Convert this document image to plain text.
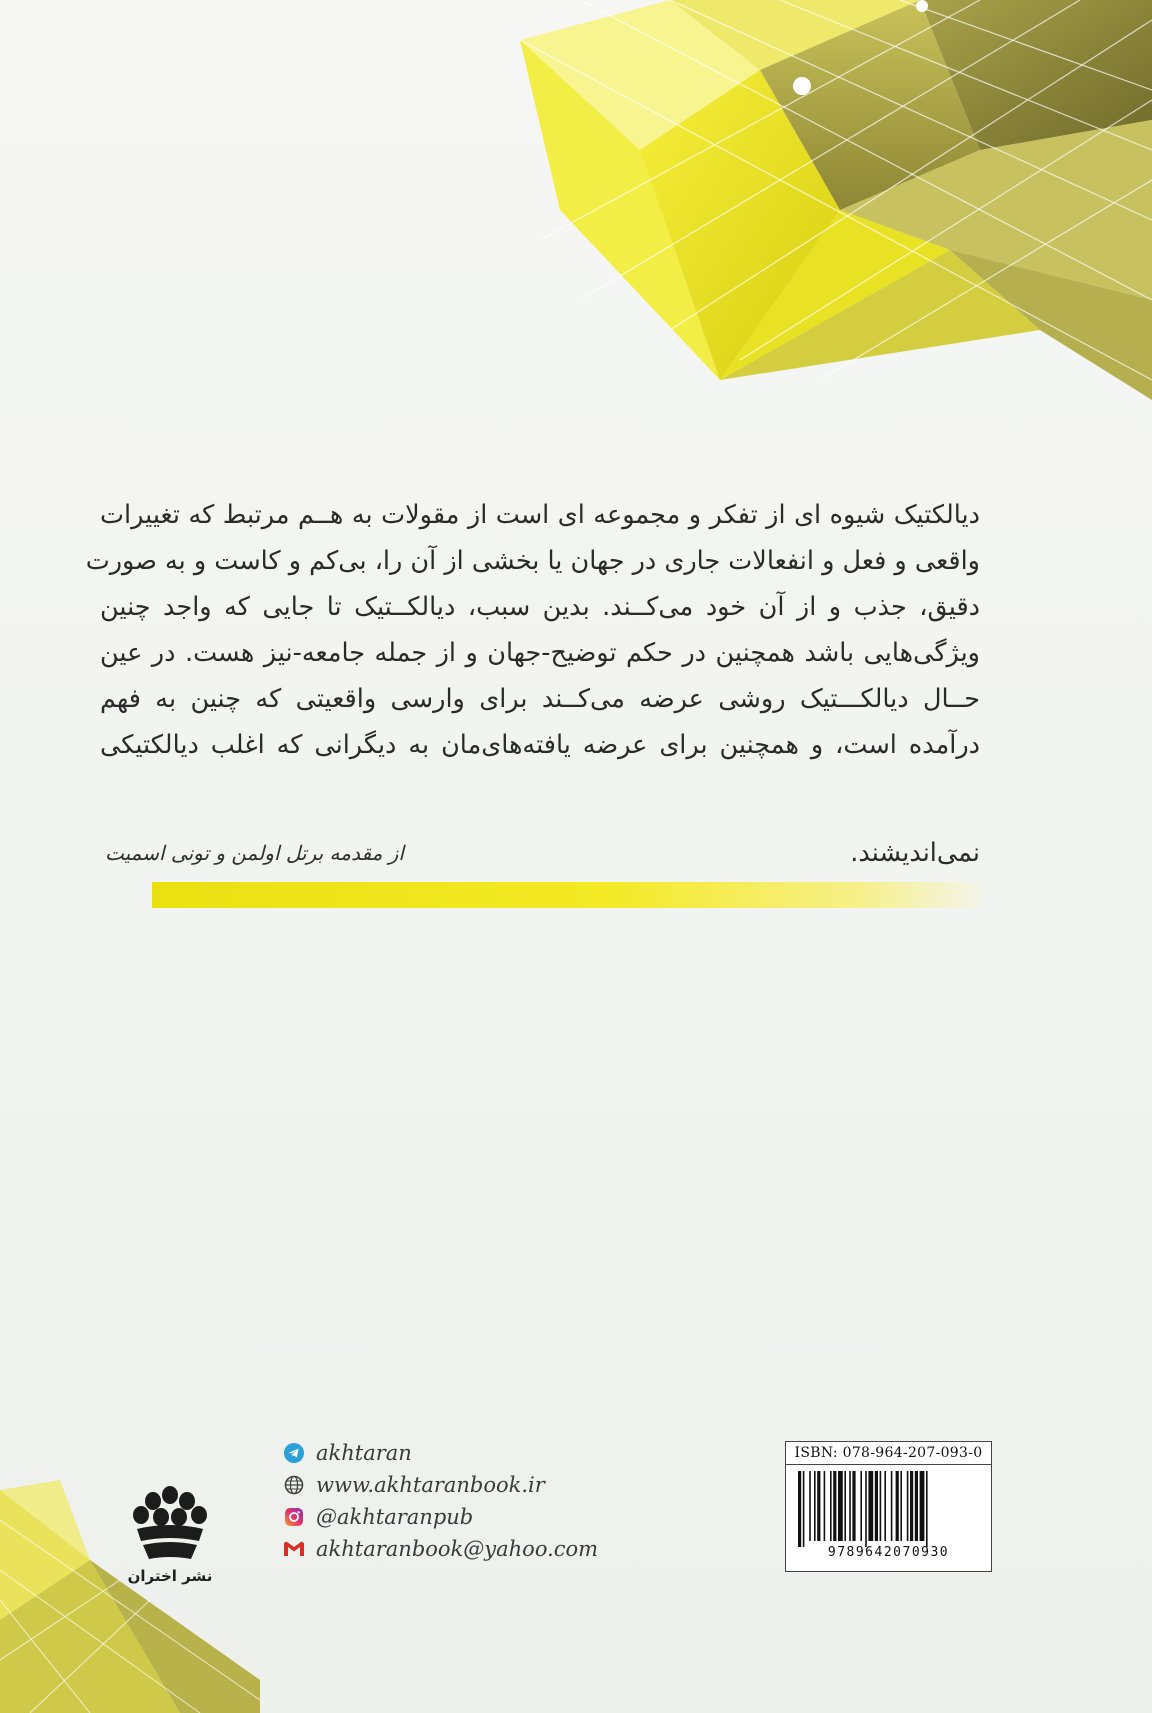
دیالکتیک شیوه ای از تفکر و مجموعه ای است از مقولات به هــم مرتبط که تغییرات
واقعی و فعل و انفعالات جاری در جهان یا بخشی از آن را، بی‌کم و کاست و به صورت
دقیق، جذب و از آن خود می‌کــند. بدین سبب، دیالکــتیک تا جایی که واجد چنین
ویژگی‌هایی باشد همچنین در حکم توضیح-جهان و از جمله جامعه-نیز هست. در عین
حــال دیالکـــتیک روشی عرضه می‌کــند برای وارسی واقعیتی که چنین به فهم
درآمده است، و همچنین برای عرضه یافته‌های‌مان به دیگرانی که اغلب دیالکتیکی
نمی‌اندیشند.
از مقدمه برتل اولمن و تونی اسمیت
نشر اختران
akhtaran
www.akhtaranbook.ir
@akhtaranpub
akhtaranbook@yahoo.com
ISBN: 078-964-207-093-0
9789642070930
